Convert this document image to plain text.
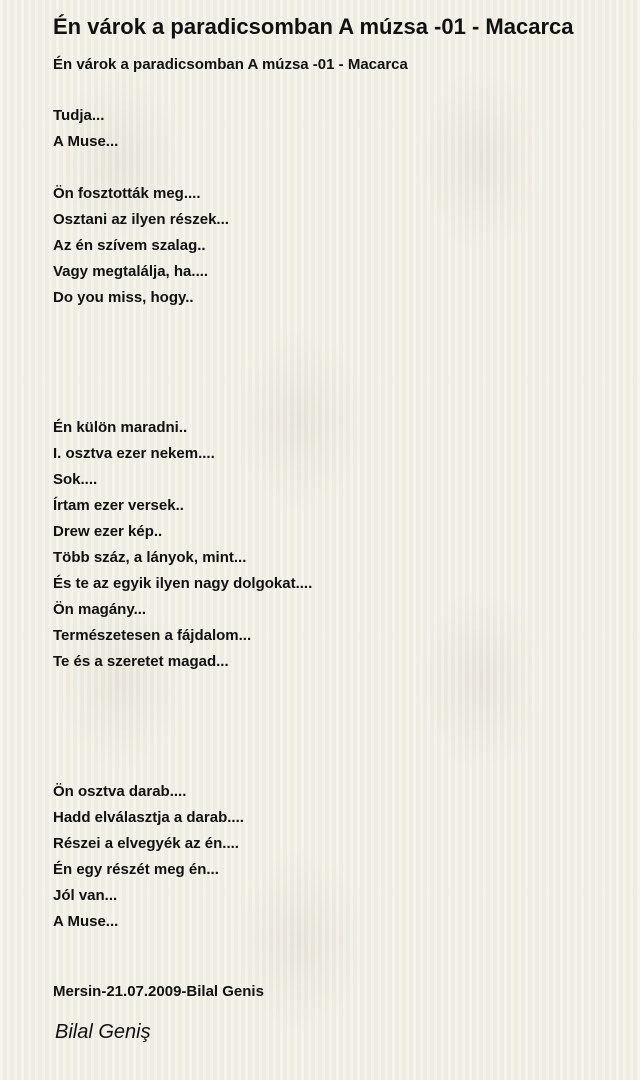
Én várok a paradicsomban A múzsa -01 - Macarca
Én várok a paradicsomban A múzsa -01 - Macarca
Tudja...
A Muse...
Ön fosztották meg....
Osztani az ilyen részek...
Az én szívem szalag..
Vagy megtalálja, ha....
Do you miss, hogy..
Én külön maradni..
I. osztva ezer nekem....
Sok....
Írtam ezer versek..
Drew ezer kép..
Több száz, a lányok, mint...
És te az egyik ilyen nagy dolgokat....
Ön magány...
Természetesen a fájdalom...
Te és a szeretet magad...
Ön osztva darab....
Hadd elválasztja a darab....
Részei a elvegyék az én....
Én egy részét meg én...
Jól van...
A Muse...
Mersin-21.07.2009-Bilal Genis
Bilal Geniş
